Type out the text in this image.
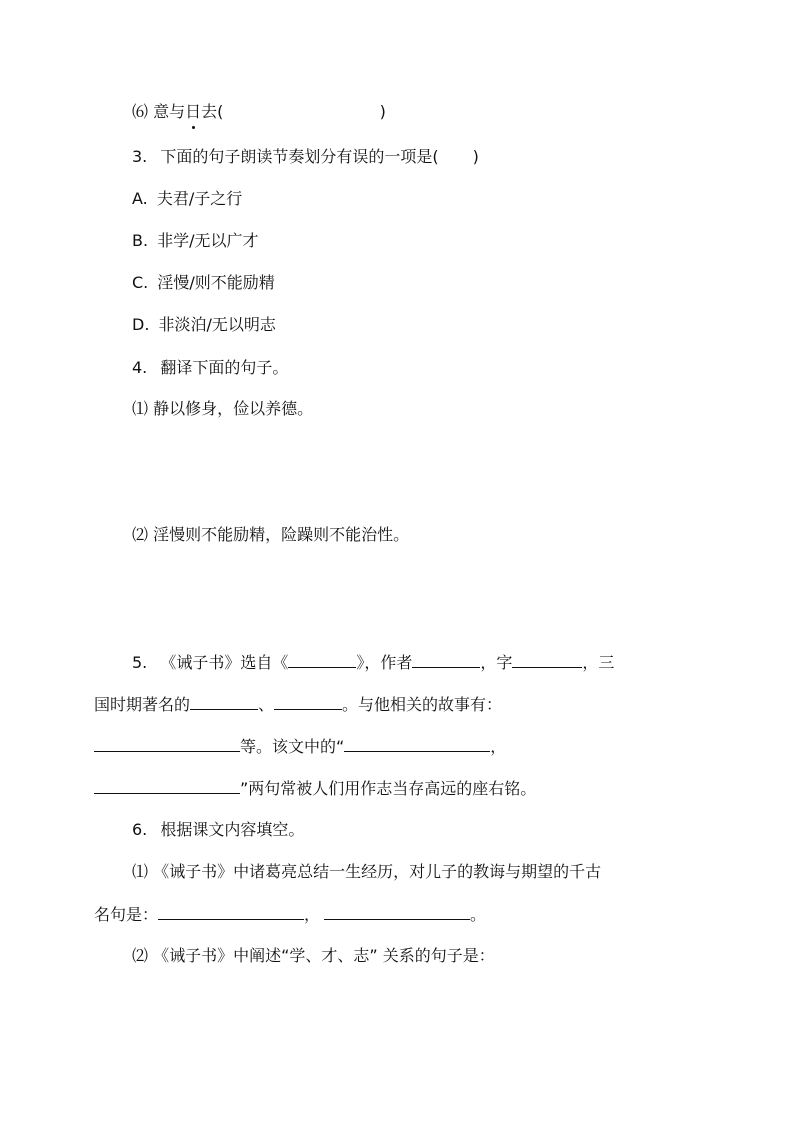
⑹ 意与日去(	)
3. 下面的句子朗读节奏划分有误的一项是( )
A. 夫君/子之行
B. 非学/无以广才
C. 淫慢/则不能励精
D. 非淡泊/无以明志
4. 翻译下面的句子。
⑴ 静以修身，俭以养德。
⑵ 淫慢则不能励精，险躁则不能治性。
5. 《诫子书》选自《	》，作者	，字	，三
国时期著名的	、	。与他相关的故事有：
等。该文中的“	，
”两句常被人们用作志当存高远的座右铭。
6. 根据课文内容填空。
⑴ 《诫子书》中诸葛亮总结一生经历，对儿子的教诲与期望的千古
名句是：	，	。
⑵ 《诫子书》中阐述“学、才、志” 关系的句子是：
